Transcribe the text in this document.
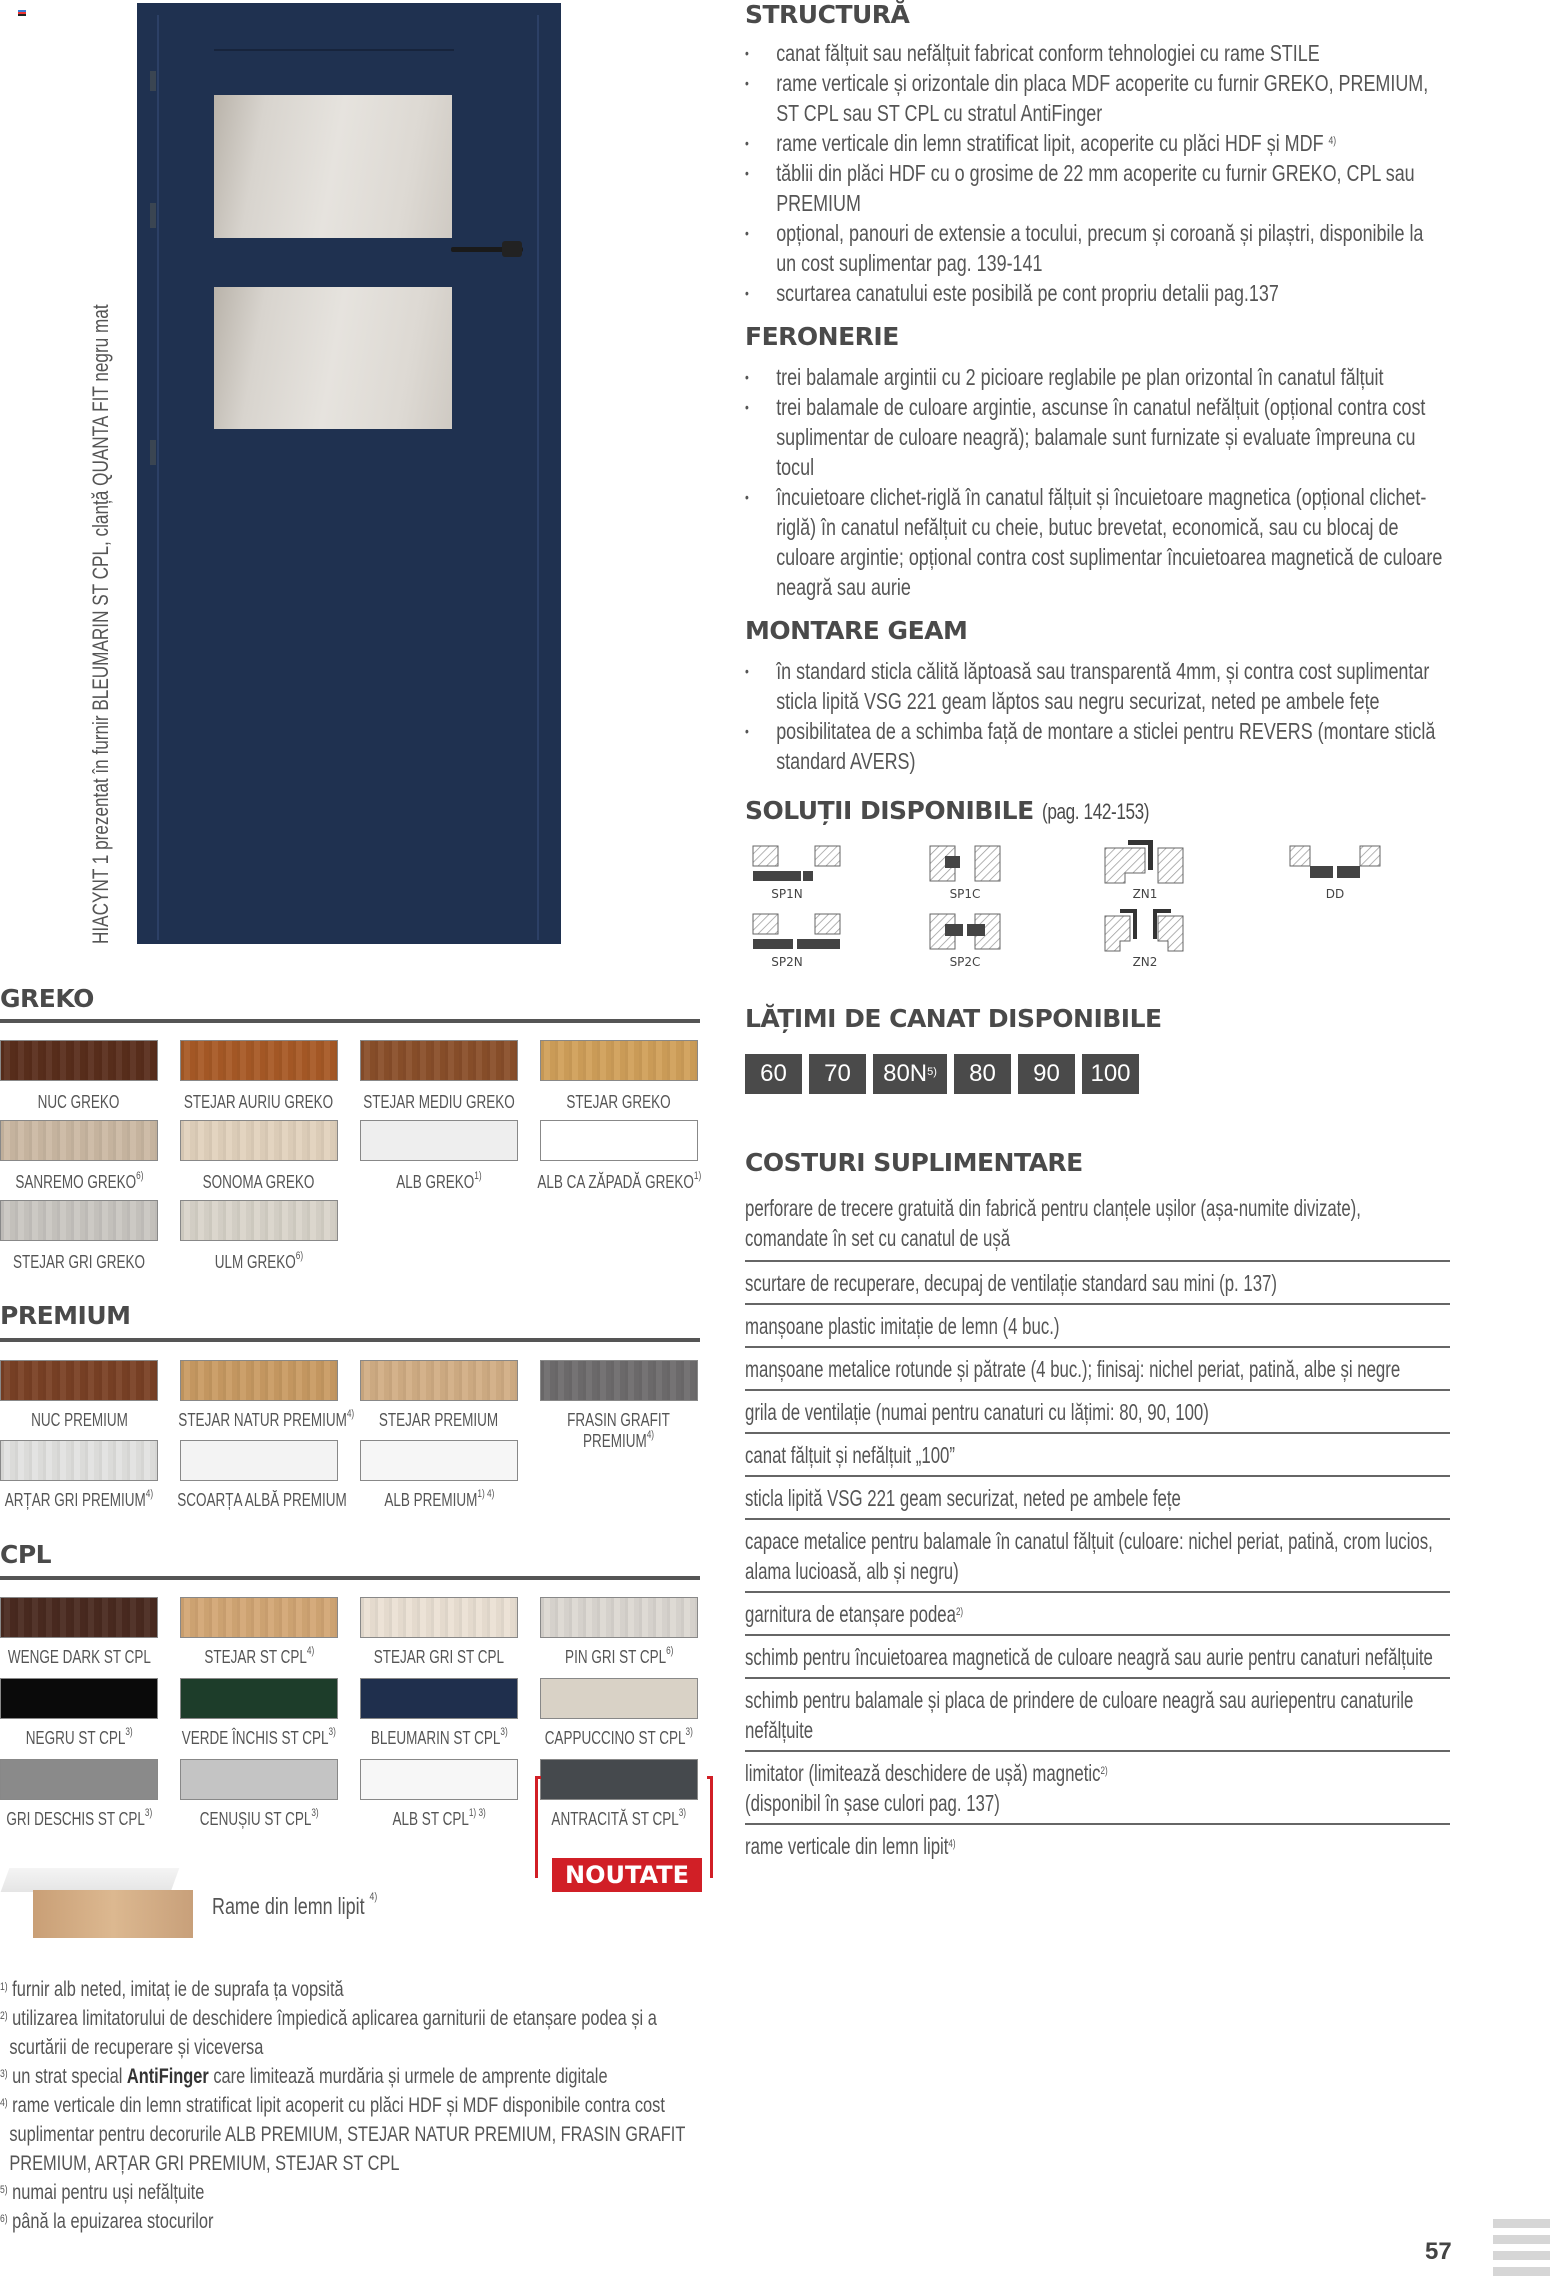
HIACYNT 1 prezentat în furnir BLEUMARIN ST CPL, clanță QUANTA FIT negru mat
STRUCTURĂ
• canat fălțuit sau nefălțuit fabricat conform tehnologiei cu rame STILE
• rame verticale și orizontale din placa MDF acoperite cu furnir GREKO, PREMIUM, ST CPL sau ST CPL cu stratul AntiFinger
• rame verticale din lemn stratificat lipit, acoperite cu plăci HDF și MDF $^{4)}$
• tăblii din plăci HDF cu o grosime de 22 mm acoperite cu furnir GREKO, CPL sau PREMIUM
• opțional, panouri de extensie a tocului, precum și coroană și pilaștri, disponibile la un cost suplimentar pag. 139-141
• scurtarea canatului este posibilă pe cont propriu detalii pag.137
FERONERIE
• trei balamale argintii cu 2 picioare reglabile pe plan orizontal în canatul fălțuit
• trei balamale de culoare argintie, ascunse în canatul nefălțuit (opțional contra cost suplimentar de culoare neagră); balamale sunt furnizate și evaluate împreuna cu tocul
• încuietoare clichet-riglă în canatul fălțuit și încuietoare magnetica (opțional clichet-riglă) în canatul nefălțuit cu cheie, butuc brevetat, economică, sau cu blocaj de culoare argintie; opțional contra cost suplimentar încuietoarea magnetică de culoare neagră sau aurie
MONTARE GEAM
• în standard sticla călită lăptoasă sau transparentă 4mm, și contra cost suplimentar sticla lipită VSG 221 geam lăptos sau negru securizat, neted pe ambele fețe
• posibilitatea de a schimba față de montare a sticlei pentru REVERS (montare sticlă standard AVERS)
SOLUȚII DISPONIBILE (pag. 142-153)
SP1N
SP2N
SP1C
SP2C
ZN1
ZN2
DD
LĂȚIMI DE CANAT DISPONIBILE
60	70	$80N^{5)}$	80	90	100
COSTURI SUPLIMENTARE
perforare de trecere gratuită din fabrică pentru clanțele ușilor (așa-numite divizate), comandate în set cu canatul de ușă
scurtare de recuperare, decupaj de ventilație standard sau mini (p. 137)
manșoane plastic imitație de lemn (4 buc.)
manșoane metalice rotunde și pătrate (4 buc.); finisaj: nichel periat, patină, albe și negre
grila de ventilație (numai pentru canaturi cu lățimi: 80, 90, 100)
canat fălțuit și nefălțuit „100”
sticla lipită VSG 221 geam securizat, neted pe ambele fețe
capace metalice pentru balamale în canatul fălțuit (culoare: nichel periat, patină, crom lucios, alama lucioasă, alb și negru)
garnitura de etanșare podea$^{2)}$
schimb pentru încuietoarea magnetică de culoare neagră sau aurie pentru canaturi nefălțuite
schimb pentru balamale și placa de prindere de culoare neagră sau auriepentru canaturile nefălțuite
limitator (limitează deschidere de ușă) magnetic$^{2)}$
(disponibil în șase culori pag. 137)
rame verticale din lemn lipit$^{4)}$
GREKO
NUC GREKO	STEJAR AURIU GREKO	STEJAR MEDIU GREKO	STEJAR GREKO
SANREMO GREKO$^{6)}$	SONOMA GREKO	ALB GREKO$^{1)}$	ALB CA ZĂPADĂ GREKO$^{1)}$
STEJAR GRI GREKO	ULM GREKO$^{6)}$
PREMIUM
NUC PREMIUM	STEJAR NATUR PREMIUM$^{4)}$	STEJAR PREMIUM	FRASIN GRAFIT
PREMIUM$^{4)}$
ARȚAR GRI PREMIUM$^{4)}$	SCOARȚA ALBĂ PREMIUM	ALB $PREMIUM^{1) 4)}$
CPL
WENGE DARK ST CPL	STEJAR ST CPL$^{4)}$	STEJAR GRI ST CPL	PIN GRI ST CPL$^{6)}$
NEGRU ST CPL$^{3)}$	VERDE ÎNCHIS ST CPL$^{3)}$	BLEUMARIN ST CPL$^{3)}$	CAPPUCCINO ST CPL$^{3)}$
GRI DESCHIS ST CPL$^{3)}$	CENUȘIU ST CPL$^{3)}$	ALB ST $CPL^{1) 3)}$	ANTRACITĂ ST CPL$^{3)}$
NOUTATE
Rame din lemn lipit $^{4)}$
$^{1)}$ furnir alb neted, imitaț ie de suprafa ța vopsită
$^{2)}$ utilizarea limitatorului de deschidere împiedică aplicarea garniturii de etanșare podea și a scurtării de recuperare și viceversa
$^{3)}$ un strat special AntiFinger care limitează murdăria și urmele de amprente digitale
$^{4)}$ rame verticale din lemn stratificat lipit acoperit cu plăci HDF și MDF disponibile contra cost suplimentar pentru decorurile ALB PREMIUM, STEJAR NATUR PREMIUM, FRASIN GRAFIT PREMIUM, ARȚAR GRI PREMIUM, STEJAR ST CPL
$^{5)}$ numai pentru uși nefălțuite
$^{6)}$ până la epuizarea stocurilor
57
